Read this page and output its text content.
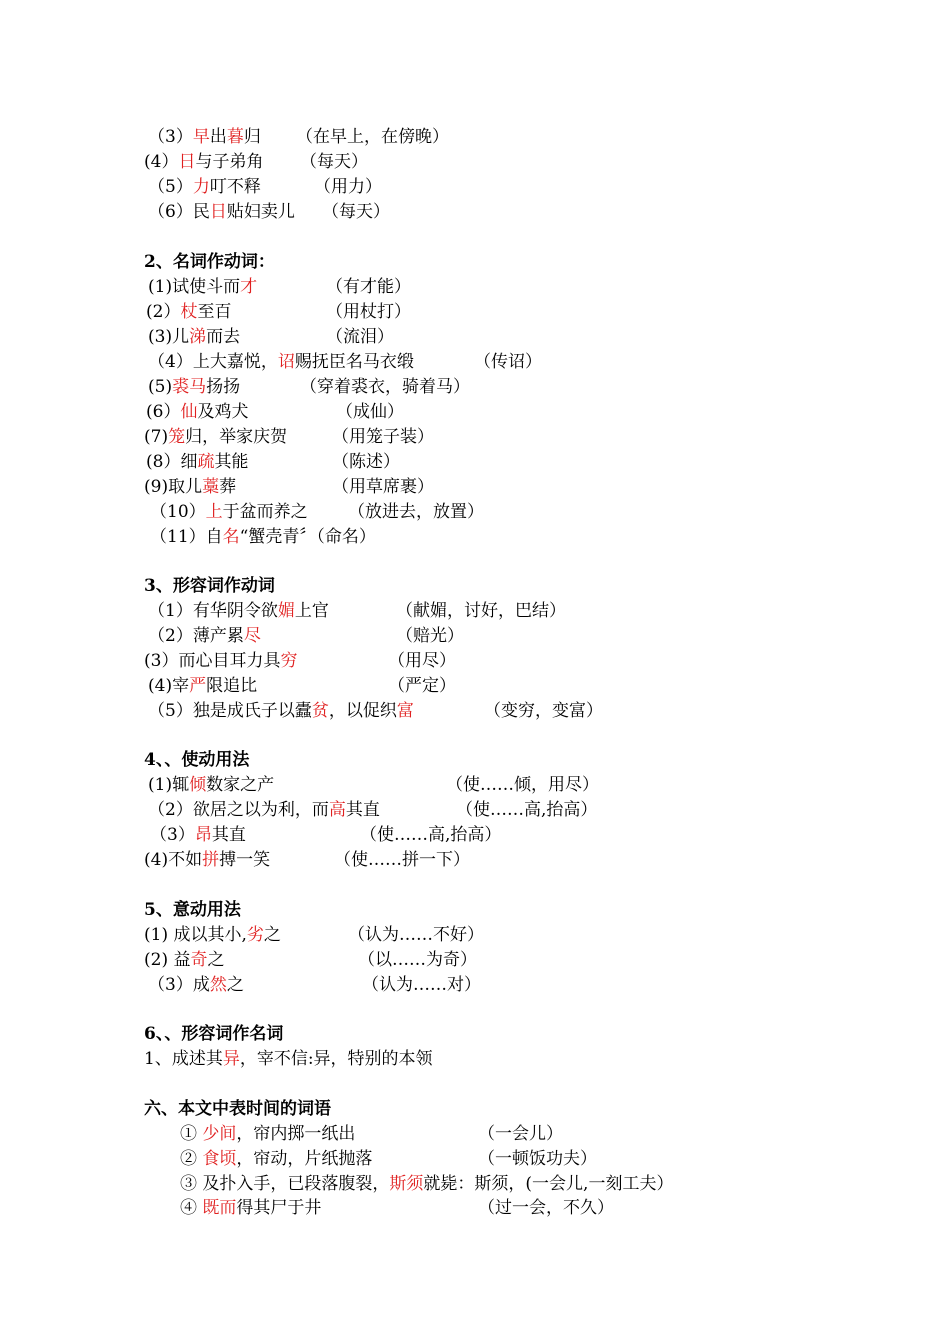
（3）早出暮归 （在早上，在傍晚）
(4）日与子弟角 （每天）
（5）力叮不释	（用力）
（6）民日贴妇卖儿 （每天）
2、名词作动词：
(1)试使斗而才	（有才能）
(2）杖至百	（用杖打）
(3)儿涕而去	（流泪）
（4）上大嘉悦，诏赐抚臣名马衣缎	（传诏）
(5)裘马扬扬	（穿着裘衣，骑着马）
(6）仙及鸡犬	（成仙）
(7)笼归，举家庆贺	（用笼子装）
(8）细疏其能	（陈述）
(9)取儿藁葬	（用草席裹）
（10）上于盆而养之 （放进去，放置）
（11）自名“蟹壳青〞（命名）
3、形容词作动词
（1）有华阴令欲媚上官	（献媚，讨好，巴结）
（2）薄产累尽	（赔光）
(3）而心目耳力具穷	（用尽）
(4)宰严限追比	（严定）
（5）独是成氏子以蠹贫，以促织富	（变穷，变富）
4、、使动用法
(1)辄倾数家之产	（使……倾，用尽）
（2）欲居之以为利，而高其直	（使……高,抬高）
（3）昂其直	（使……高,抬高）
(4)不如拼搏一笑	（使……拼一下）
5、意动用法
(1) 成以其小,劣之	（认为……不好）
(2) 益奇之	（以……为奇）
（3）成然之	（认为……对）
6、、形容词作名词
1、成述其异，宰不信:异，特别的本领
六、本文中表时间的词语
① 少间，帘内掷一纸出	（一会儿）
② 食顷，帘动，片纸抛落	（一顿饭功夫）
③ 及扑入手，已段落腹裂，斯须就毙：斯须，(一会儿,一刻工夫）
④ 既而得其尸于井	（过一会，不久）
